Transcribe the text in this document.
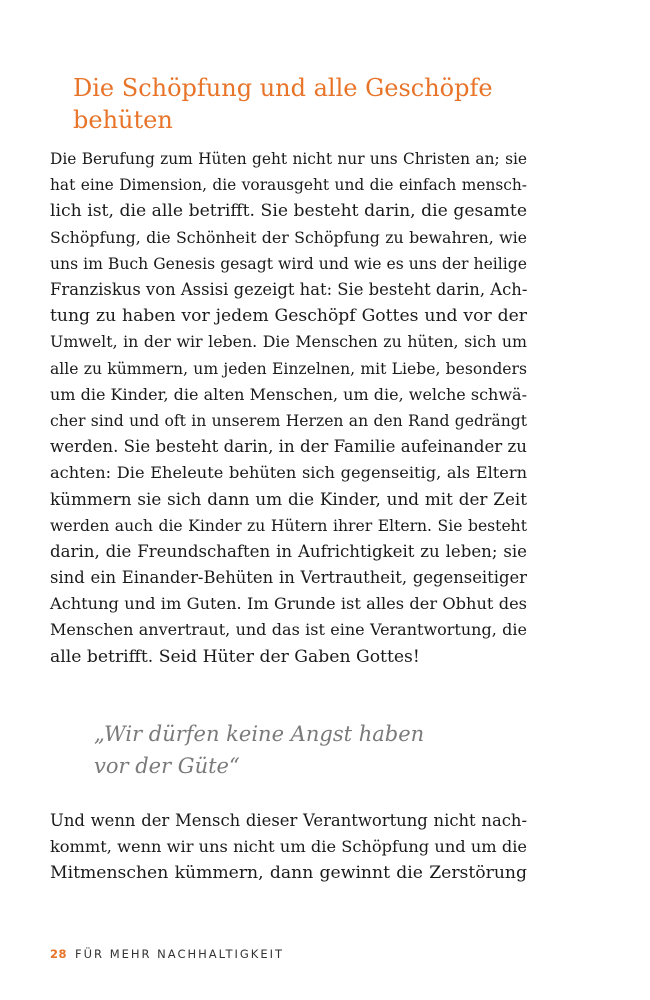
Die Schöpfung und alle Geschöpfe
behüten

Die Berufung zum Hüten geht nicht nur uns Christen an; sie
hat eine Dimension, die vorausgeht und die einfach mensch-
lich ist, die alle betrifft. Sie besteht darin, die gesamte
Schöpfung, die Schönheit der Schöpfung zu bewahren, wie
uns im Buch Genesis gesagt wird und wie es uns der heilige
Franziskus von Assisi gezeigt hat: Sie besteht darin, Ach-
tung zu haben vor jedem Geschöpf Gottes und vor der
Umwelt, in der wir leben. Die Menschen zu hüten, sich um
alle zu kümmern, um jeden Einzelnen, mit Liebe, besonders
um die Kinder, die alten Menschen, um die, welche schwä-
cher sind und oft in unserem Herzen an den Rand gedrängt
werden. Sie besteht darin, in der Familie aufeinander zu
achten: Die Eheleute behüten sich gegenseitig, als Eltern
kümmern sie sich dann um die Kinder, und mit der Zeit
werden auch die Kinder zu Hütern ihrer Eltern. Sie besteht
darin, die Freundschaften in Aufrichtigkeit zu leben; sie
sind ein Einander-Behüten in Vertrautheit, gegenseitiger
Achtung und im Guten. Im Grunde ist alles der Obhut des
Menschen anvertraut, und das ist eine Verantwortung, die
alle betrifft. Seid Hüter der Gaben Gottes!

„Wir dürfen keine Angst haben
vor der Güte“

Und wenn der Mensch dieser Verantwortung nicht nach-
kommt, wenn wir uns nicht um die Schöpfung und um die
Mitmenschen kümmern, dann gewinnt die Zerstörung

28 FÜR MEHR NACHHALTIGKEIT
